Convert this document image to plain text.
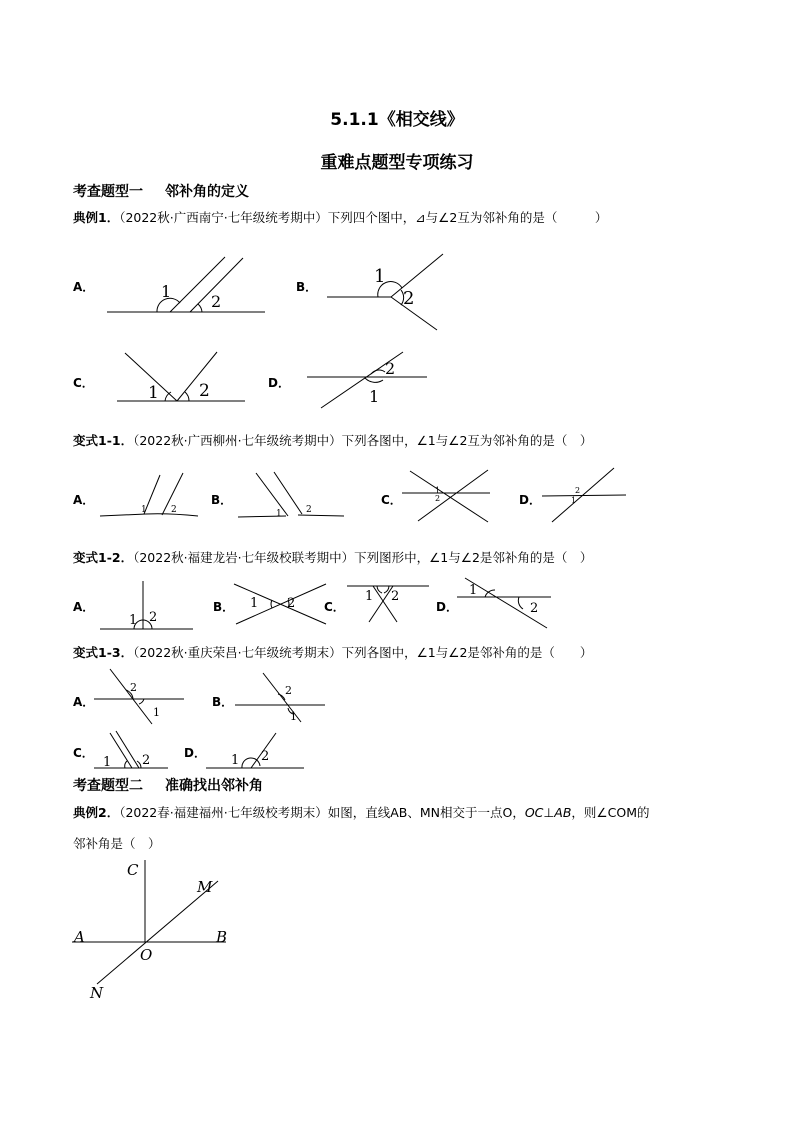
5.1.1《相交线》
重难点题型专项练习
考查题型一 邻补角的定义
典例1．（2022秋·广西南宁·七年级统考期中）下列四个图中，⊿与∠2互为邻补角的是（　　　）
A．	1
2
B．	1
2
C．	1 2	D．
2
1
变式1-1．（2022秋·广西柳州·七年级统考期中）下列各图中，∠1与∠2互为邻补角的是（　）
A．
1	2
B．
1	2
C．
1
2	D．
2
1
变式1-2．（2022秋·福建龙岩·七年级校联考期中）下列图形中，∠1与∠2是邻补角的是（　）
A．
1 2
B． 1 2 C．
1 2
D．
1
2
变式1-3．（2022秋·重庆荣昌·七年级统考期末）下列各图中，∠1与∠2是邻补角的是（　　）
A．
2
1
B．
2
1
C．
1 2	D． 1 2
考查题型二 准确找出邻补角
典例2．（2022春·福建福州·七年级校考期末）如图，直线AB、MN相交于一点O，OC⊥AB，则∠COM的
邻补角是（　）
C
M
A	B
O
N
